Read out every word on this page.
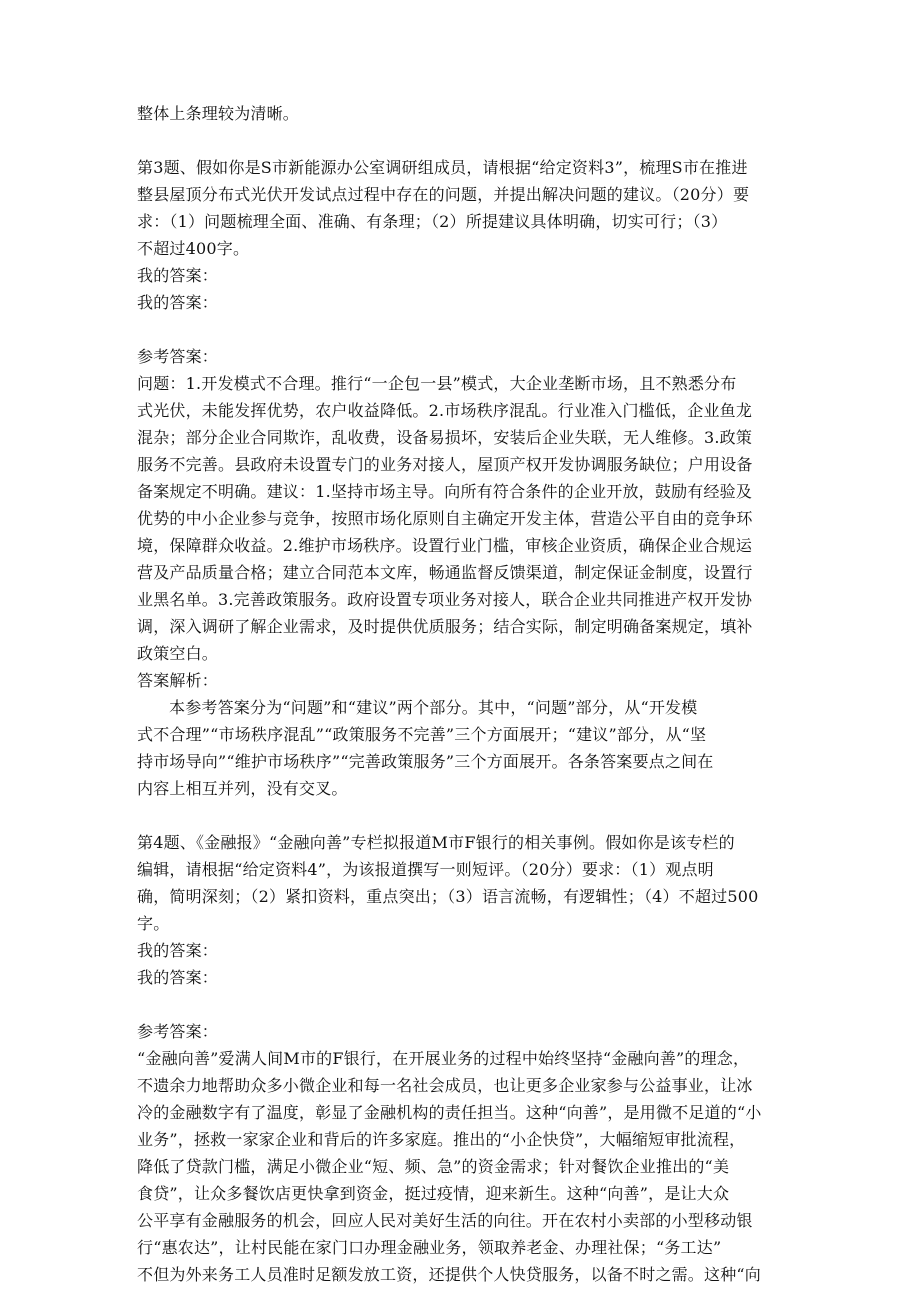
整体上条理较为清晰。
第3题、假如你是S市新能源办公室调研组成员，请根据“给定资料3”，梳理S市在推进
整县屋顶分布式光伏开发试点过程中存在的问题，并提出解决问题的建议。（20分）要
求：（1）问题梳理全面、准确、有条理；（2）所提建议具体明确，切实可行；（3）
不超过400字。
我的答案：
我的答案：
参考答案：
问题：1.开发模式不合理。推行“一企包一县”模式，大企业垄断市场，且不熟悉分布
式光伏，未能发挥优势，农户收益降低。2.市场秩序混乱。行业准入门槛低，企业鱼龙
混杂；部分企业合同欺诈，乱收费，设备易损坏，安装后企业失联，无人维修。3.政策
服务不完善。县政府未设置专门的业务对接人，屋顶产权开发协调服务缺位；户用设备
备案规定不明确。建议：1.坚持市场主导。向所有符合条件的企业开放，鼓励有经验及
优势的中小企业参与竞争，按照市场化原则自主确定开发主体，营造公平自由的竞争环
境，保障群众收益。2.维护市场秩序。设置行业门槛，审核企业资质，确保企业合规运
营及产品质量合格；建立合同范本文库，畅通监督反馈渠道，制定保证金制度，设置行
业黑名单。3.完善政策服务。政府设置专项业务对接人，联合企业共同推进产权开发协
调，深入调研了解企业需求，及时提供优质服务；结合实际，制定明确备案规定，填补
政策空白。
答案解析：
本参考答案分为“问题”和“建议”两个部分。其中，“问题”部分，从“开发模
式不合理”“市场秩序混乱”“政策服务不完善”三个方面展开；“建议”部分，从“坚
持市场导向”“维护市场秩序”“完善政策服务”三个方面展开。各条答案要点之间在
内容上相互并列，没有交叉。
第4题、《金融报》“金融向善”专栏拟报道M市F银行的相关事例。假如你是该专栏的
编辑，请根据“给定资料4”，为该报道撰写一则短评。（20分）要求：（1）观点明
确，简明深刻；（2）紧扣资料，重点突出；（3）语言流畅，有逻辑性；（4）不超过500
字。
我的答案：
我的答案：
参考答案：
“金融向善”爱满人间M市的F银行，在开展业务的过程中始终坚持“金融向善”的理念，
不遗余力地帮助众多小微企业和每一名社会成员，也让更多企业家参与公益事业，让冰
冷的金融数字有了温度，彰显了金融机构的责任担当。这种“向善”，是用微不足道的“小
业务”，拯救一家家企业和背后的许多家庭。推出的“小企快贷”，大幅缩短审批流程，
降低了贷款门槛，满足小微企业“短、频、急”的资金需求；针对餐饮企业推出的“美
食贷”，让众多餐饮店更快拿到资金，挺过疫情，迎来新生。这种“向善”，是让大众
公平享有金融服务的机会，回应人民对美好生活的向往。开在农村小卖部的小型移动银
行“惠农达”，让村民能在家门口办理金融业务，领取养老金、办理社保；“务工达”
不但为外来务工人员准时足额发放工资，还提供个人快贷服务，以备不时之需。这种“向
